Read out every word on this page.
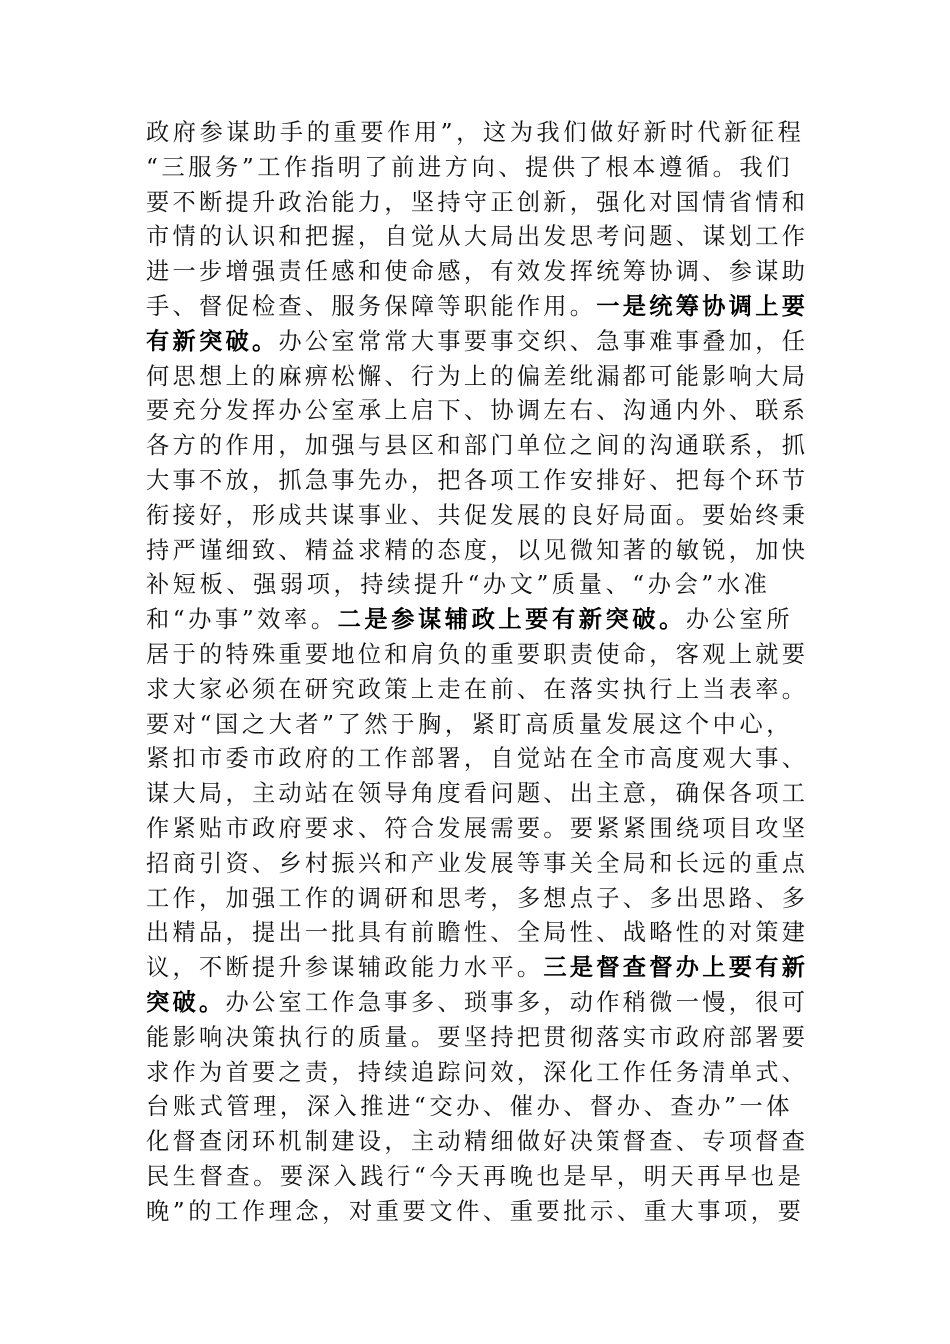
政府参谋助手的重要作用”，这为我们做好新时代新征程
“三服务”工作指明了前进方向、提供了根本遵循。我们
要不断提升政治能力，坚持守正创新，强化对国情省情和
市情的认识和把握，自觉从大局出发思考问题、谋划工作
进一步增强责任感和使命感，有效发挥统筹协调、参谋助
手、督促检查、服务保障等职能作用。一是统筹协调上要
有新突破。办公室常常大事要事交织、急事难事叠加，任
何思想上的麻痹松懈、行为上的偏差纰漏都可能影响大局
要充分发挥办公室承上启下、协调左右、沟通内外、联系
各方的作用，加强与县区和部门单位之间的沟通联系，抓
大事不放，抓急事先办，把各项工作安排好、把每个环节
衔接好，形成共谋事业、共促发展的良好局面。要始终秉
持严谨细致、精益求精的态度，以见微知著的敏锐，加快
补短板、强弱项，持续提升“办文”质量、“办会”水准
和“办事”效率。二是参谋辅政上要有新突破。办公室所
居于的特殊重要地位和肩负的重要职责使命，客观上就要
求大家必须在研究政策上走在前、在落实执行上当表率。
要对“国之大者”了然于胸，紧盯高质量发展这个中心，
紧扣市委市政府的工作部署，自觉站在全市高度观大事、
谋大局，主动站在领导角度看问题、出主意，确保各项工
作紧贴市政府要求、符合发展需要。要紧紧围绕项目攻坚
招商引资、乡村振兴和产业发展等事关全局和长远的重点
工作，加强工作的调研和思考，多想点子、多出思路、多
出精品，提出一批具有前瞻性、全局性、战略性的对策建
议，不断提升参谋辅政能力水平。三是督查督办上要有新
突破。办公室工作急事多、琐事多，动作稍微一慢，很可
能影响决策执行的质量。要坚持把贯彻落实市政府部署要
求作为首要之责，持续追踪问效，深化工作任务清单式、
台账式管理，深入推进“交办、催办、督办、查办”一体
化督查闭环机制建设，主动精细做好决策督查、专项督查
民生督查。要深入践行“今天再晚也是早，明天再早也是
晚”的工作理念，对重要文件、重要批示、重大事项，要
